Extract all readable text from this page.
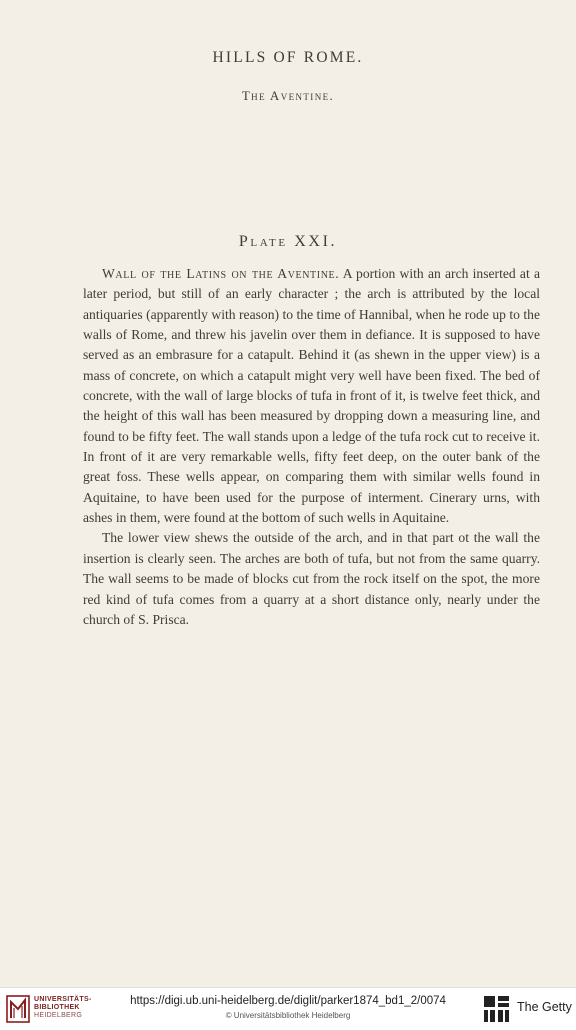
HILLS OF ROME.
The Aventine.
Plate XXI.

Wall of the Latins on the Aventine. A portion with an arch inserted at a later period, but still of an early character ; the arch is attributed by the local antiquaries (apparently with reason) to the time of Hannibal, when he rode up to the walls of Rome, and threw his javelin over them in defiance. It is supposed to have served as an embrasure for a catapult. Behind it (as shewn in the upper view) is a mass of concrete, on which a catapult might very well have been fixed. The bed of concrete, with the wall of large blocks of tufa in front of it, is twelve feet thick, and the height of this wall has been measured by dropping down a measuring line, and found to be fifty feet. The wall stands upon a ledge of the tufa rock cut to receive it. In front of it are very remarkable wells, fifty feet deep, on the outer bank of the great foss. These wells appear, on comparing them with similar wells found in Aquitaine, to have been used for the purpose of interment. Cinerary urns, with ashes in them, were found at the bottom of such wells in Aquitaine.

The lower view shews the outside of the arch, and in that part ot the wall the insertion is clearly seen. The arches are both of tufa, but not from the same quarry. The wall seems to be made of blocks cut from the rock itself on the spot, the more red kind of tufa comes from a quarry at a short distance only, nearly under the church of S. Prisca.

UNIVERSITÄTS-
BIBLIOTHEK
HEIDELBERG
https://digi.ub.uni-heidelberg.de/diglit/parker1874_bd1_2/0074
© Universitätsbibliothek Heidelberg
The Getty
